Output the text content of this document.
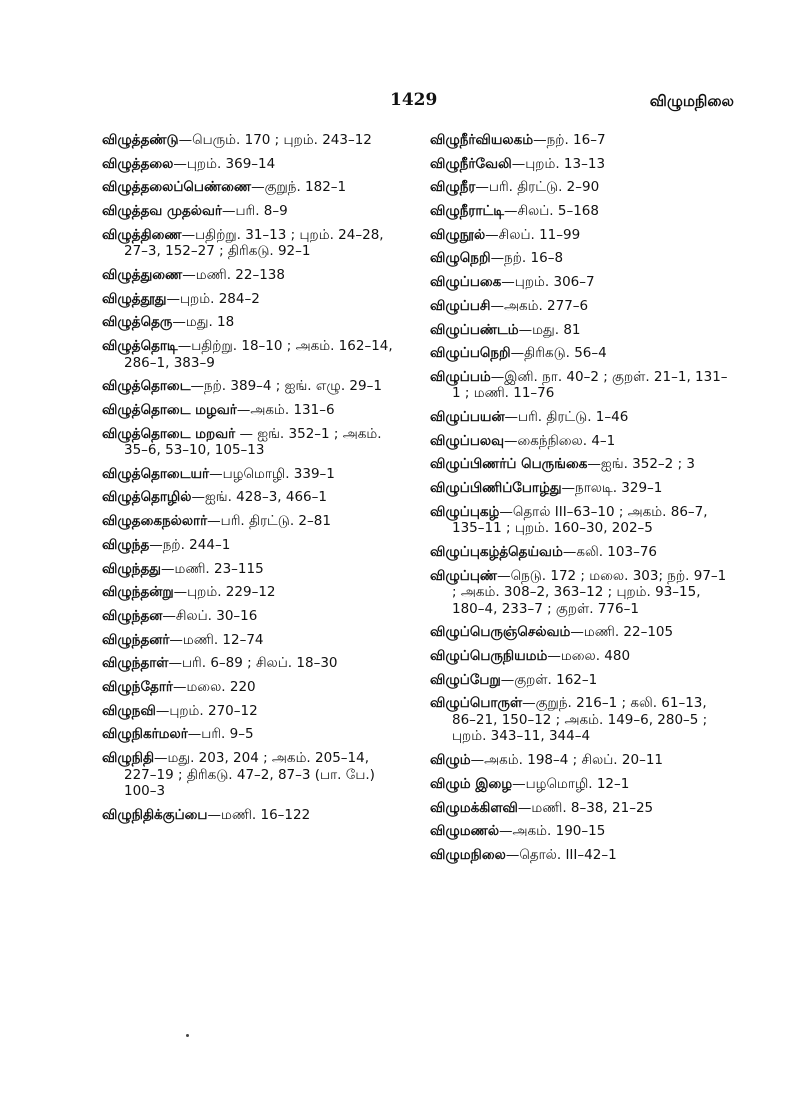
1429	விழுமநிலை

விழுத்தண்டு—பெரும். 170 ; புறம். 243–12

விழுத்தலை—புறம். 369–14

விழுத்தலைப்பெண்ணை—குறுந். 182–1

விழுத்தவ முதல்வர்—பரி. 8–9

விழுத்திணை—பதிற்று. 31–13 ; புறம். 24–28, 27–3, 152–27 ; திரிகடு. 92–1

விழுத்துணை—மணி. 22–138

விழுத்தூது—புறம். 284–2

விழுத்தெரு—மது. 18

விழுத்தொடி—பதிற்று. 18–10 ; அகம். 162–14, 286–1, 383–9

விழுத்தொடை—நற். 389–4 ; ஐங். எழு. 29–1

விழுத்தொடை மழவர்—அகம். 131–6

விழுத்தொடை மறவர் — ஐங். 352–1 ; அகம். 35–6, 53–10, 105–13

விழுத்தொடையர்—பழமொழி. 339–1

விழுத்தொழில்—ஐங். 428–3, 466–1

விழுதகைநல்லார்—பரி. திரட்டு. 2–81

விழுந்த—நற். 244–1

விழுந்தது—மணி. 23–115

விழுந்தன்று—புறம். 229–12

விழுந்தன—சிலப். 30–16

விழுந்தனர்—மணி. 12–74

விழுந்தாள்—பரி. 6–89 ; சிலப். 18–30

விழுந்தோர்—மலை. 220

விழுநவி—புறம். 270–12

விழுநிகர்மலர்—பரி. 9–5

விழுநிதி—மது. 203, 204 ; அகம். 205–14, 227–19 ; திரிகடு. 47–2, 87–3 (பா. பே.) 100–3

விழுநிதிக்குப்பை—மணி. 16–122

விழுநீர்வியலகம்—நற். 16–7

விழுநீர்வேலி—புறம். 13–13

விழுநீர—பரி. திரட்டு. 2–90

விழுநீராட்டி—சிலப். 5–168

விழுநூல்—சிலப். 11–99

விழுநெறி—நற். 16–8

விழுப்பகை—புறம். 306–7

விழுப்பசி—அகம். 277–6

விழுப்பண்டம்—மது. 81

விழுப்பநெறி—திரிகடு. 56–4

விழுப்பம்—இனி. நா. 40–2 ; குறள். 21–1, 131–1 ; மணி. 11–76

விழுப்பயன்—பரி. திரட்டு. 1–46

விழுப்பலவு—கைந்நிலை. 4–1

விழுப்பிணர்ப் பெருங்கை—ஐங். 352–2 ; 3

விழுப்பிணிப்போழ்து—நாலடி. 329–1

விழுப்புகழ்—தொல் III–63–10 ; அகம். 86–7, 135–11 ; புறம். 160–30, 202–5

விழுப்புகழ்த்தெய்வம்—கலி. 103–76

விழுப்புண்—நெடு. 172 ; மலை. 303; நற். 97–1 ; அகம். 308–2, 363–12 ; புறம். 93–15, 180–4, 233–7 ; குறள். 776–1

விழுப்பெருஞ்செல்வம்—மணி. 22–105

விழுப்பெருநியமம்—மலை. 480

விழுப்பேறு—குறள். 162–1

விழுப்பொருள்—குறுந். 216–1 ; கலி. 61–13, 86–21, 150–12 ; அகம். 149–6, 280–5 ; புறம். 343–11, 344–4

விழும்—அகம். 198–4 ; சிலப். 20–11

விழும் இழை—பழமொழி. 12–1

விழுமக்கிளவி—மணி. 8–38, 21–25

விழுமணல்—அகம். 190–15

விழுமநிலை—தொல். III–42–1
